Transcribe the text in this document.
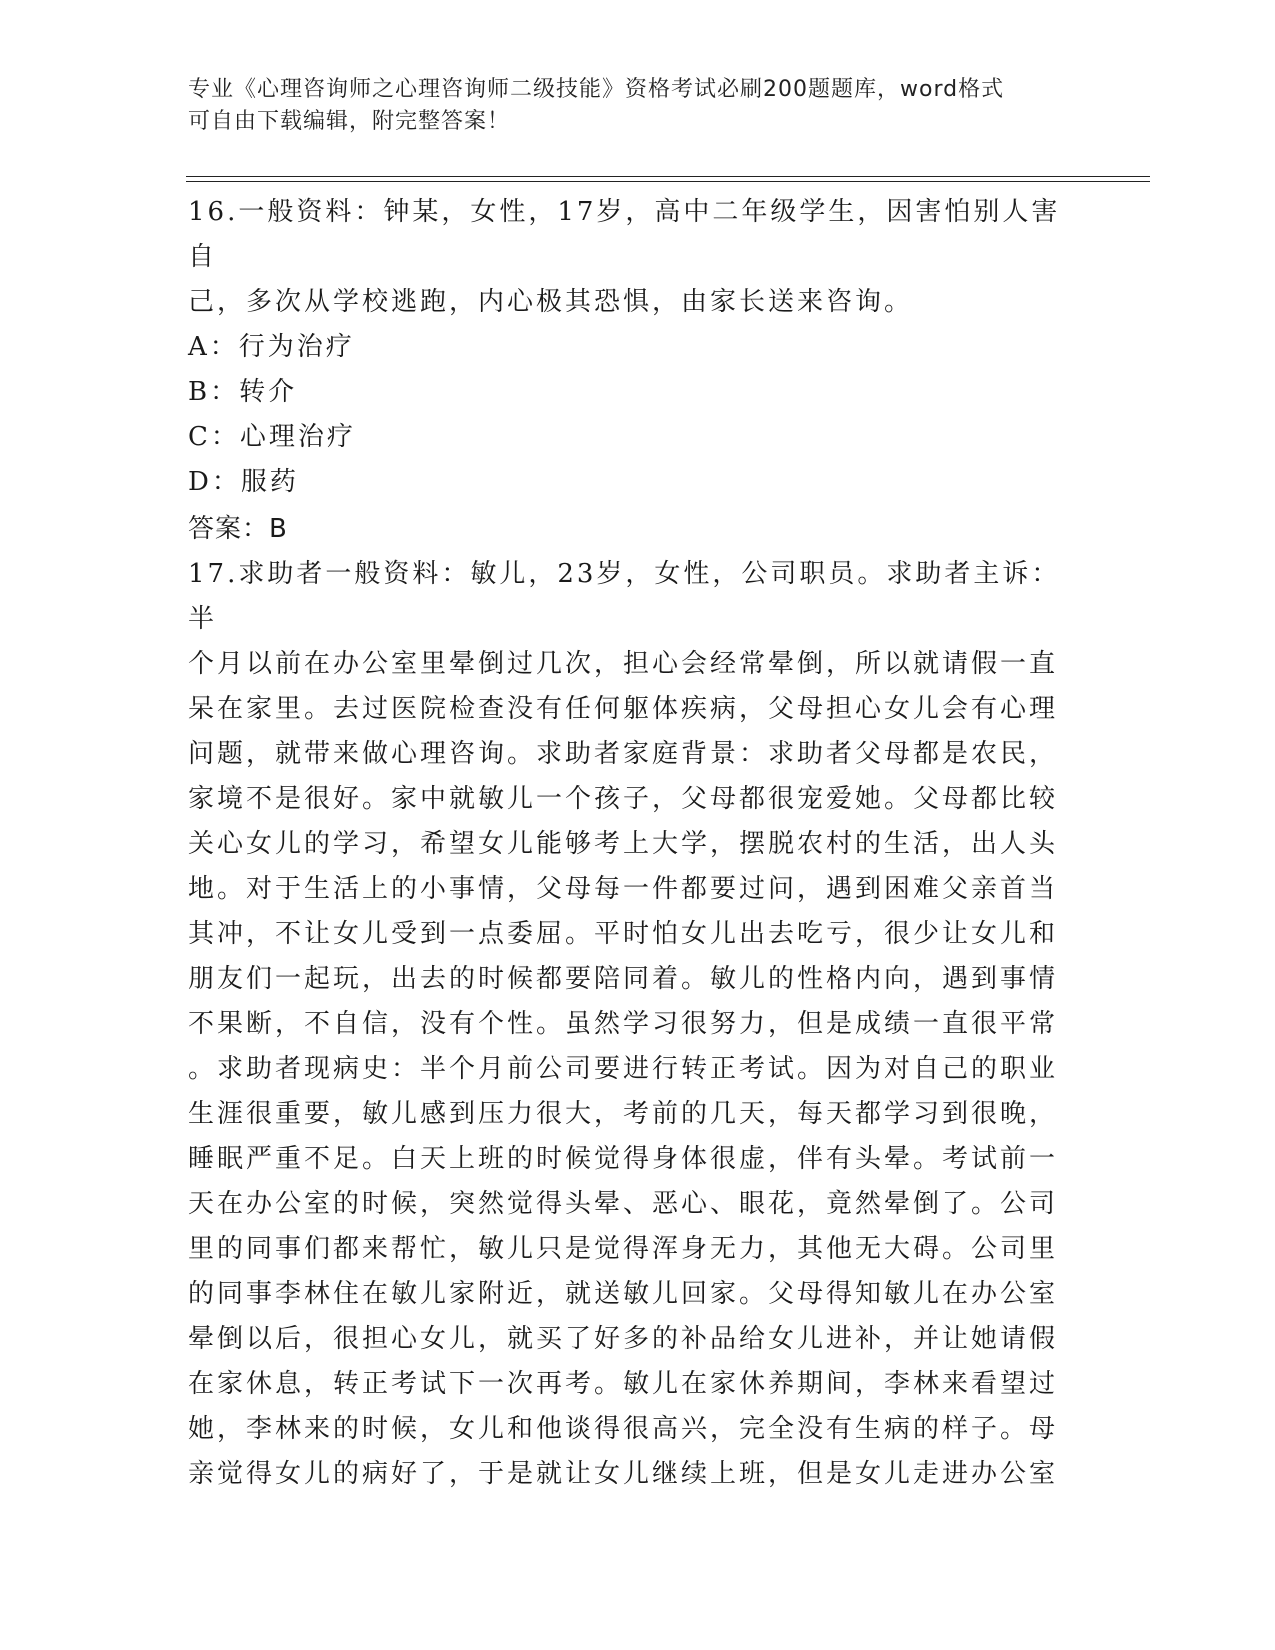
专业《心理咨询师之心理咨询师二级技能》资格考试必刷200题题库，word格式
可自由下载编辑，附完整答案！

16.一般资料：钟某，女性，17岁，高中二年级学生，因害怕别人害自

己，多次从学校逃跑，内心极其恐惧，由家长送来咨询。

A：行为治疗

B：转介

C：心理治疗

D：服药

答案：B

17.求助者一般资料：敏儿，23岁，女性，公司职员。求助者主诉：半

个月以前在办公室里晕倒过几次，担心会经常晕倒，所以就请假一直

呆在家里。去过医院检查没有任何躯体疾病，父母担心女儿会有心理

问题，就带来做心理咨询。求助者家庭背景：求助者父母都是农民，

家境不是很好。家中就敏儿一个孩子，父母都很宠爱她。父母都比较

关心女儿的学习，希望女儿能够考上大学，摆脱农村的生活，出人头

地。对于生活上的小事情，父母每一件都要过问，遇到困难父亲首当

其冲，不让女儿受到一点委屈。平时怕女儿出去吃亏，很少让女儿和

朋友们一起玩，出去的时候都要陪同着。敏儿的性格内向，遇到事情

不果断，不自信，没有个性。虽然学习很努力，但是成绩一直很平常

。求助者现病史：半个月前公司要进行转正考试。因为对自己的职业

生涯很重要，敏儿感到压力很大，考前的几天，每天都学习到很晚，

睡眠严重不足。白天上班的时候觉得身体很虚，伴有头晕。考试前一

天在办公室的时候，突然觉得头晕、恶心、眼花，竟然晕倒了。公司

里的同事们都来帮忙，敏儿只是觉得浑身无力，其他无大碍。公司里

的同事李林住在敏儿家附近，就送敏儿回家。父母得知敏儿在办公室

晕倒以后，很担心女儿，就买了好多的补品给女儿进补，并让她请假

在家休息，转正考试下一次再考。敏儿在家休养期间，李林来看望过

她，李林来的时候，女儿和他谈得很高兴，完全没有生病的样子。母

亲觉得女儿的病好了，于是就让女儿继续上班，但是女儿走进办公室
